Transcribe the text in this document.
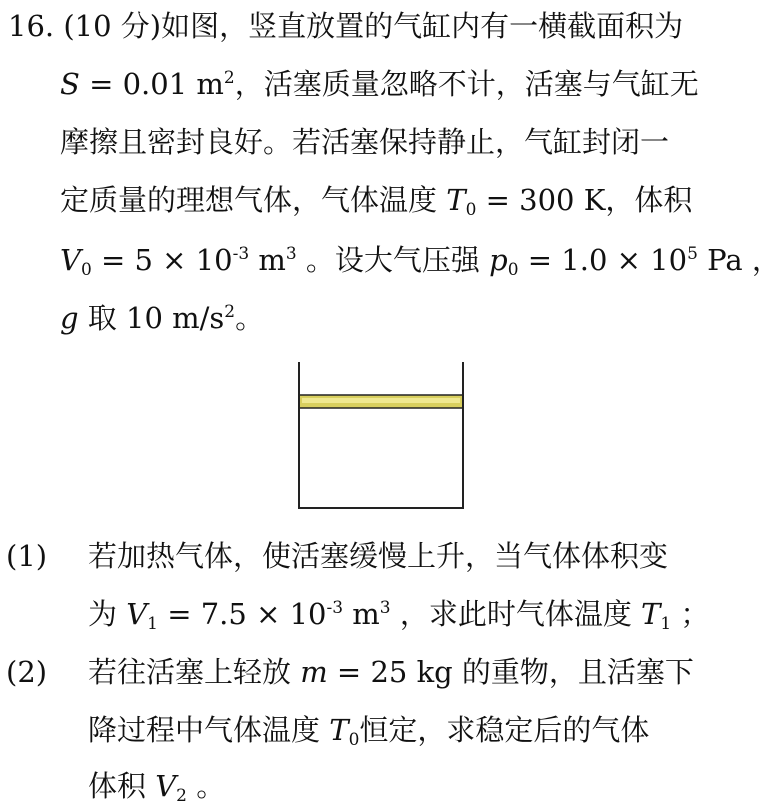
16. (10 分)如图，竖直放置的气缸内有一横截面积为
S = 0.01 $m^2$，活塞质量忽略不计，活塞与气缸无
摩擦且密封良好。若活塞保持静止，气缸封闭一
定质量的理想气体，气体温度 $T_0 = 300$ K，体积
$V_0 = 5 \times 10^{-3}$ $m^3$ 。设大气压强 $p_0 = 1.0 \times 10^5$ Pa ，
g 取 10 $m/s^2$。
(1) 若加热气体，使活塞缓慢上升，当气体体积变
为 $V_1 = 7.5 \times 10^{-3}$ $m^3$ ，求此时气体温度 $T_1$ ；
(2) 若往活塞上轻放 m = 25 kg 的重物，且活塞下
降过程中气体温度 $T_0$恒定，求稳定后的气体
体积 $V_2$ 。
